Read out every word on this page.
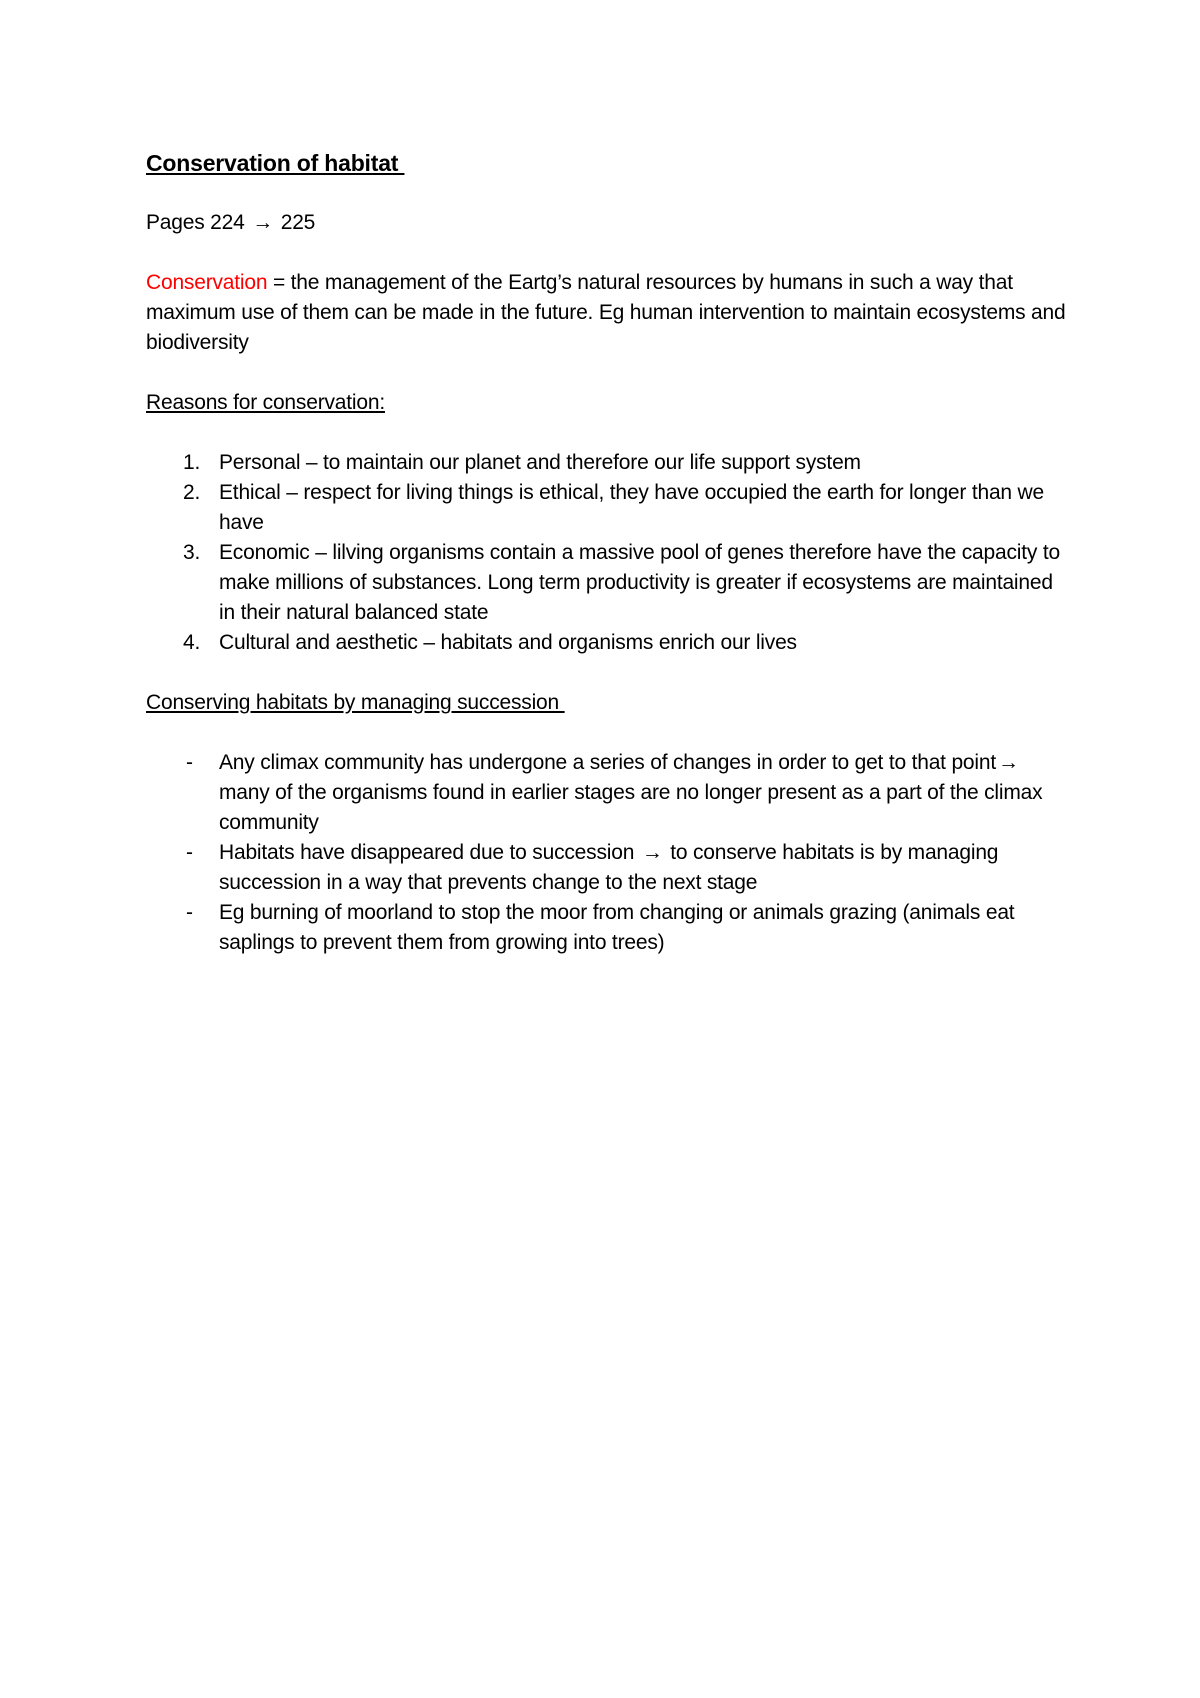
Conservation of habitat
Pages 224 → 225
Conservation = the management of the Eartg’s natural resources by humans in such a way that maximum use of them can be made in the future. Eg human intervention to maintain ecosystems and biodiversity
Reasons for conservation:
1. Personal – to maintain our planet and therefore our life support system
2. Ethical – respect for living things is ethical, they have occupied the earth for longer than we have
3. Economic – lilving organisms contain a massive pool of genes therefore have the capacity to make millions of substances. Long term productivity is greater if ecosystems are maintained in their natural balanced state
4. Cultural and aesthetic – habitats and organisms enrich our lives
Conserving habitats by managing succession
- Any climax community has undergone a series of changes in order to get to that point→ many of the organisms found in earlier stages are no longer present as a part of the climax community
- Habitats have disappeared due to succession → to conserve habitats is by managing succession in a way that prevents change to the next stage
- Eg burning of moorland to stop the moor from changing or animals grazing (animals eat saplings to prevent them from growing into trees)
